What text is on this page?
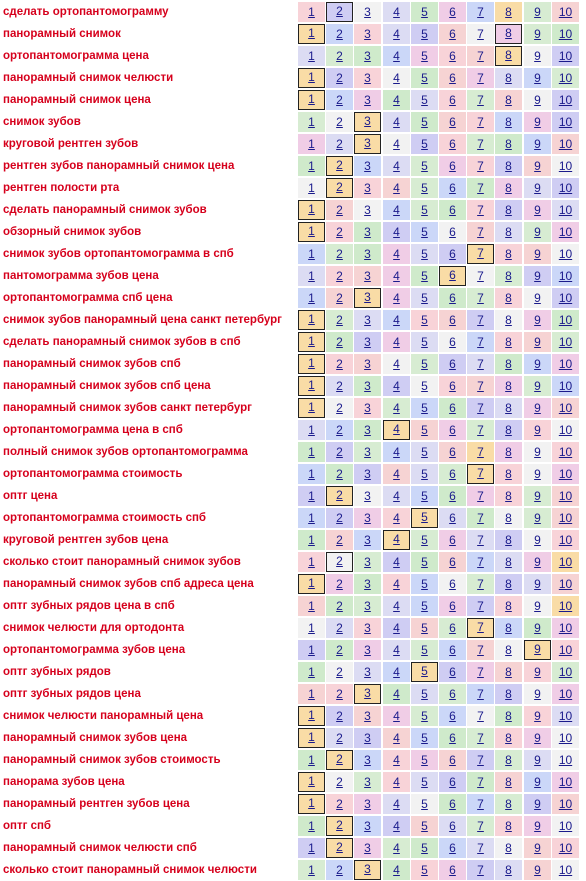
сделать ортопантомограмму	1	2	3	4	5	6	7	8	9	10
панорамный снимок	1	2	3	4	5	6	7	8	9	10
ортопантомограмма цена	1	2	3	4	5	6	7	8	9	10
панорамный снимок челюсти	1	2	3	4	5	6	7	8	9	10
панорамный снимок цена	1	2	3	4	5	6	7	8	9	10
снимок зубов	1	2	3	4	5	6	7	8	9	10
круговой рентген зубов	1	2	3	4	5	6	7	8	9	10
рентген зубов панорамный снимок цена	1	2	3	4	5	6	7	8	9	10
рентген полости рта	1	2	3	4	5	6	7	8	9	10
сделать панорамный снимок зубов	1	2	3	4	5	6	7	8	9	10
обзорный снимок зубов	1	2	3	4	5	6	7	8	9	10
снимок зубов ортопантомограмма в спб	1	2	3	4	5	6	7	8	9	10
пантомограмма зубов цена	1	2	3	4	5	6	7	8	9	10
ортопантомограмма спб цена	1	2	3	4	5	6	7	8	9	10
снимок зубов панорамный цена санкт петербург	1	2	3	4	5	6	7	8	9	10
сделать панорамный снимок зубов в спб	1	2	3	4	5	6	7	8	9	10
панорамный снимок зубов спб	1	2	3	4	5	6	7	8	9	10
панорамный снимок зубов спб цена	1	2	3	4	5	6	7	8	9	10
панорамный снимок зубов санкт петербург	1	2	3	4	5	6	7	8	9	10
ортопантомограмма цена в спб	1	2	3	4	5	6	7	8	9	10
полный снимок зубов ортопантомограмма	1	2	3	4	5	6	7	8	9	10
ортопантомограмма стоимость	1	2	3	4	5	6	7	8	9	10
оптг цена	1	2	3	4	5	6	7	8	9	10
ортопантомограмма стоимость спб	1	2	3	4	5	6	7	8	9	10
круговой рентген зубов цена	1	2	3	4	5	6	7	8	9	10
сколько стоит панорамный снимок зубов	1	2	3	4	5	6	7	8	9	10
панорамный снимок зубов спб адреса цена	1	2	3	4	5	6	7	8	9	10
оптг зубных рядов цена в спб	1	2	3	4	5	6	7	8	9	10
снимок челюсти для ортодонта	1	2	3	4	5	6	7	8	9	10
ортопантомограмма зубов цена	1	2	3	4	5	6	7	8	9	10
оптг зубных рядов	1	2	3	4	5	6	7	8	9	10
оптг зубных рядов цена	1	2	3	4	5	6	7	8	9	10
снимок челюсти панорамный цена	1	2	3	4	5	6	7	8	9	10
панорамный снимок зубов цена	1	2	3	4	5	6	7	8	9	10
панорамный снимок зубов стоимость	1	2	3	4	5	6	7	8	9	10
панорама зубов цена	1	2	3	4	5	6	7	8	9	10
панорамный рентген зубов цена	1	2	3	4	5	6	7	8	9	10
оптг спб	1	2	3	4	5	6	7	8	9	10
панорамный снимок челюсти спб	1	2	3	4	5	6	7	8	9	10
сколько стоит панорамный снимок челюсти	1	2	3	4	5	6	7	8	9	10
